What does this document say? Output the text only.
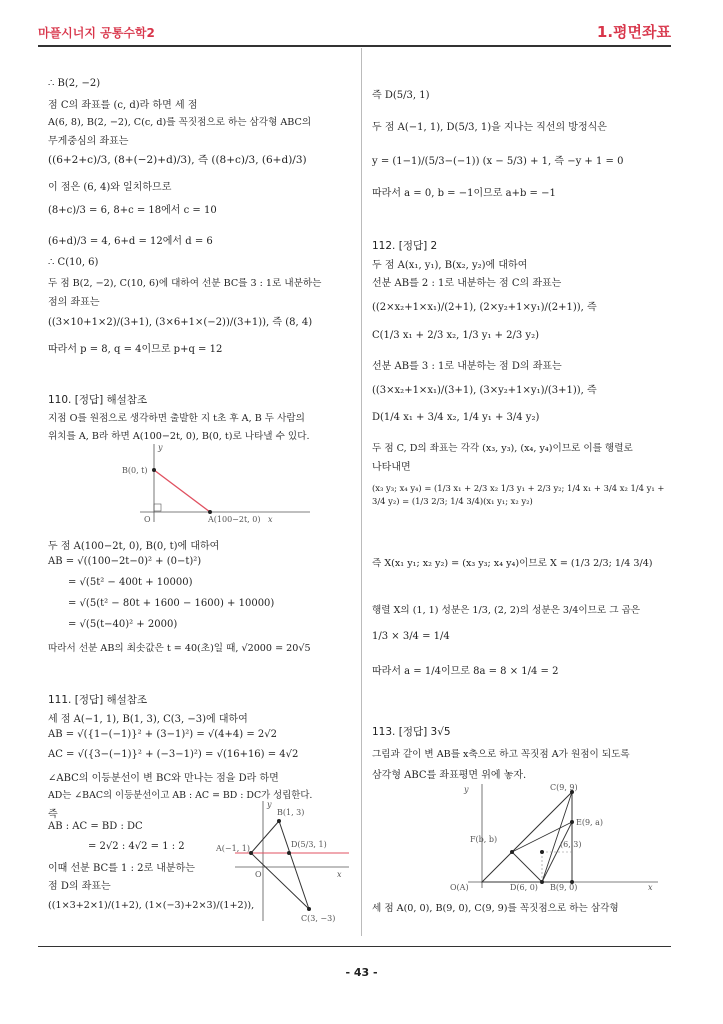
마플시너지 공통수학2	1.평면좌표
∴ B(2, −2)
점 C의 좌표를 (c, d)라 하면 세 점
A(6, 8), B(2, −2), C(c, d)를 꼭짓점으로 하는 삼각형 ABC의
무게중심의 좌표는
((6+2+c)/3, (8+(−2)+d)/3), 즉 ((8+c)/3, (6+d)/3)
이 점은 (6, 4)와 일치하므로
(8+c)/3 = 6, 8+c = 18에서 c = 10
(6+d)/3 = 4, 6+d = 12에서 d = 6
∴ C(10, 6)
두 점 B(2, −2), C(10, 6)에 대하여 선분 BC를 3 : 1로 내분하는
점의 좌표는
((3×10+1×2)/(3+1), (3×6+1×(−2))/(3+1)), 즉 (8, 4)
따라서 p = 8, q = 4이므로 p+q = 12
110. [정답] 해설참조
지점 O를 원점으로 생각하면 출발한 지 t초 후 A, B 두 사람의
위치를 A, B라 하면 A(100−2t, 0), B(0, t)로 나타낼 수 있다.
y
B(0, t)
O	A(100−2t, 0) x
두 점 A(100−2t, 0), B(0, t)에 대하여
AB = √((100−2t−0)² + (0−t)²)
= √(5t² − 400t + 10000)
= √(5(t² − 80t + 1600 − 1600) + 10000)
= √(5(t−40)² + 2000)
따라서 선분 AB의 최솟값은 t = 40(초)일 때, √2000 = 20√5
111. [정답] 해설참조
세 점 A(−1, 1), B(1, 3), C(3, −3)에 대하여
AB = √({1−(−1)}² + (3−1)²) = √(4+4) = 2√2
AC = √({3−(−1)}² + (−3−1)²) = √(16+16) = 4√2
∠ABC의 이등분선이 변 BC와 만나는 점을 D라 하면
AD는 ∠BAC의 이등분선이고 AB : AC = BD : DC가 성립한다.
즉
AB : AC = BD : DC
= 2√2 : 4√2 = 1 : 2
이때 선분 BC를 1 : 2로 내분하는
점 D의 좌표는
((1×3+2×1)/(1+2), (1×(−3)+2×3)/(1+2)),
y
B(1, 3)
D(5/3, 1)
A(−1, 1)
O	x
C(3, −3)
즉 D(5/3, 1)
두 점 A(−1, 1), D(5/3, 1)을 지나는 직선의 방정식은
y = (1−1)/(5/3−(−1)) (x − 5/3) + 1, 즉 −y + 1 = 0
따라서 a = 0, b = −1이므로 a+b = −1
112. [정답] 2
두 점 A(x₁, y₁), B(x₂, y₂)에 대하여
선분 AB를 2 : 1로 내분하는 점 C의 좌표는
((2×x₂+1×x₁)/(2+1), (2×y₂+1×y₁)/(2+1)), 즉
C(1/3 x₁ + 2/3 x₂, 1/3 y₁ + 2/3 y₂)
선분 AB를 3 : 1로 내분하는 점 D의 좌표는
((3×x₂+1×x₁)/(3+1), (3×y₂+1×y₁)/(3+1)), 즉
D(1/4 x₁ + 3/4 x₂, 1/4 y₁ + 3/4 y₂)
두 점 C, D의 좌표는 각각 (x₃, y₃), (x₄, y₄)이므로 이를 행렬로
나타내면
(x₃ y₃; x₄ y₄) = (1/3 x₁ + 2/3 x₂ 1/3 y₁ + 2/3 y₂; 1/4 x₁ + 3/4 x₂ 1/4 y₁ + 3/4 y₂) = (1/3 2/3; 1/4 3/4)(x₁ y₁; x₂ y₂)
즉 X(x₁ y₁; x₂ y₂) = (x₃ y₃; x₄ y₄)이므로 X = (1/3 2/3; 1/4 3/4)
행렬 X의 (1, 1) 성분은 1/3, (2, 2)의 성분은 3/4이므로 그 곱은
1/3 × 3/4 = 1/4
따라서 a = 1/4이므로 8a = 8 × 1/4 = 2
113. [정답] 3√5
그림과 같이 변 AB를 x축으로 하고 꼭짓점 A가 원점이 되도록
삼각형 ABC를 좌표평면 위에 놓자.
y	C(9, 9)
E(9, a)
F(b, b)
(6, 3)
O(A)	D(6, 0) B(9, 0)	x
세 점 A(0, 0), B(9, 0), C(9, 9)를 꼭짓점으로 하는 삼각형
- 43 -
